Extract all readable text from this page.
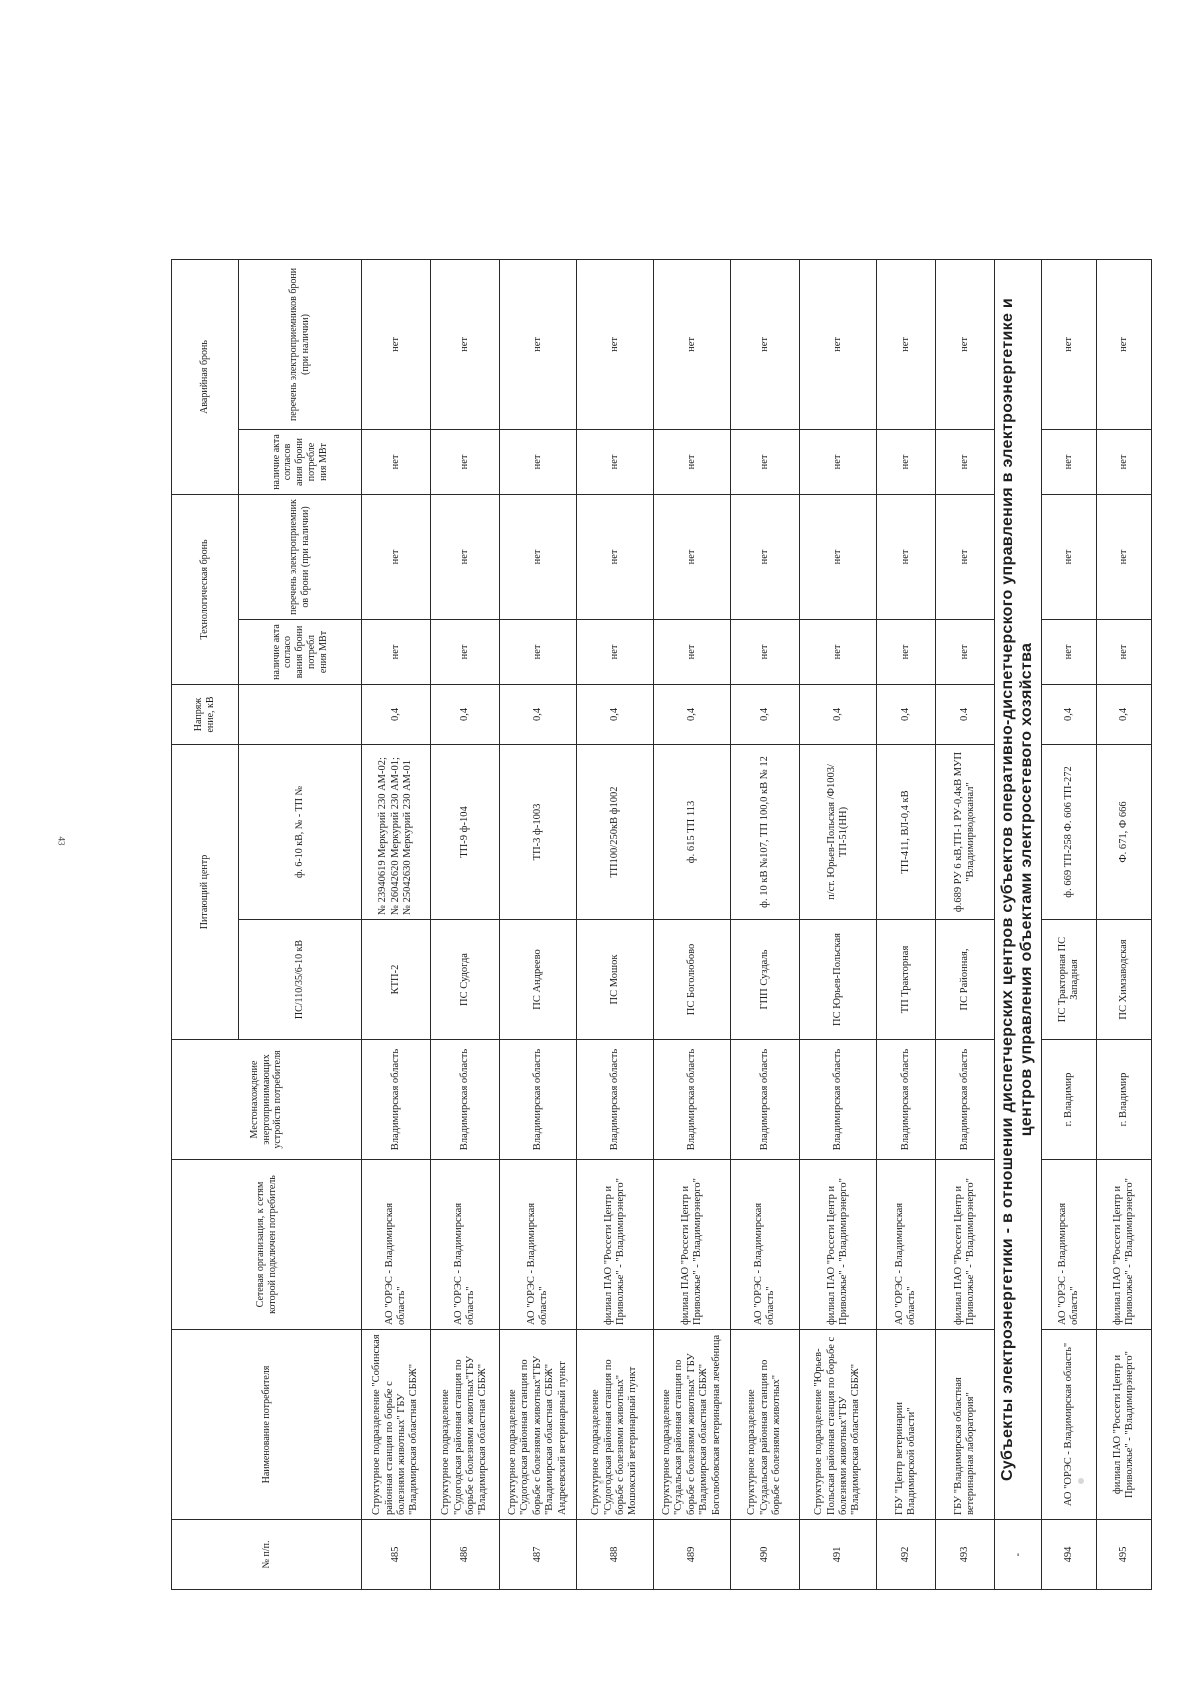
43
№ п/п.	Наименование потребителя	Сетевая организация, к сетям которой подключен потребитель	Местонахождение энергопринимающих устройств потребителя	Питающий центр		Напряж ение, кВ	Технологическая бронь		Аварийная бронь	
				ПС/110/35/6-10 кВ	ф. 6-10 кВ, № - ТП №		наличие акта согласо вания брони потребл ения МВт	перечень электроприемник ов брони (при наличии)	наличие акта согласов ания брони потребле ния МВт	перечень электроприемников брони (при наличии)
485	Структурное подразделение "Собинская районная станция по борьбе с болезнями животных" ГБУ "Владимирская областная СББЖ"	АО "ОРЭС - Владимирская область"	Владимирская область	КТП-2	№ 23940619 Меркурий 230 АМ-02; № 26042620 Меркурий 230 АМ-01; № 25042630 Меркурий 230 АМ-01	0,4	нет	нет	нет	нет
486	Структурное подразделение "Судогодская районная станция по борьбе с болезнями животных"ГБУ "Владимирская областная СББЖ"	АО "ОРЭС - Владимирская область"	Владимирская область	ПС Судогда	ТП-9 ф-104	0,4	нет	нет	нет	нет
487	Структурное подразделение "Судогодская районная станция по борьбе с болезнями животных"ГБУ "Владимирская областная СББЖ" Андреевский ветеринарный пункт	АО "ОРЭС - Владимирская область"	Владимирская область	ПС Андреево	ТП-3 ф-1003	0,4	нет	нет	нет	нет
488	Структурное подразделение "Судогодская районная станция по борьбе с болезнями животных" Мошокский ветеринарный пункт	филиал ПАО "Россети Центр и Приволжье" - "Владимирэнерго"	Владимирская область	ПС Мошок	ТП100/250кВ ф1002	0,4	нет	нет	нет	нет
489	Структурное подразделение "Суздальская районная станция по борьбе с болезнями животных" ГБУ "Владимирская областная СББЖ" Боголюбовская ветеринарная лечебница	филиал ПАО "Россети Центр и Приволжье" - "Владимирэнерго"	Владимирская область	ПС Боголюбово	ф. 615 ТП 113	0,4	нет	нет	нет	нет
490	Структурное подразделение "Суздальская районная станция по борьбе с болезнями животных"	АО "ОРЭС - Владимирская область"	Владимирская область	ГПП Суздаль	ф. 10 кВ №107, ТП 100,0 кВ № 12	0,4	нет	нет	нет	нет
491	Структурное подразделение "Юрьев-Польская районная станция по борьбе с болезнями животных"ГБУ "Владимирская областная СББЖ"	филиал ПАО "Россети Центр и Приволжье" - "Владимирэнерго"	Владимирская область	ПС Юрьев-Польская	п/ст. Юрьев-Польская /Ф1003/ТП-51(НН)	0,4	нет	нет	нет	нет
492	ГБУ "Центр ветеринарии Владимирской области"	АО "ОРЭС - Владимирская область"	Владимирская область	ТП Тракторная	ТП-411, ВЛ-0,4 кВ	0,4	нет	нет	нет	нет
493	ГБУ "Владимирская областная ветеринарная лаборатория"	филиал ПАО "Россети Центр и Приволжье" - "Владимирэнерго"	Владимирская область	ПС Районная,	ф.689 РУ 6 кВ,ТП-1 РУ-0,4кВ МУП "Владимирводоканал"	0.4	нет	нет	нет	нет
-	Субъекты электроэнергетики - в отношении диспетчерских центров субъектов оперативно-диспетчерского управления в электроэнергетике и центров управления объектами электросетевого хозяйства									
494	АО "ОРЭС - Владимирская область"	АО "ОРЭС - Владимирская область"	г. Владимир	ПС Тракторная ПС Западная	ф. 669 ТП-258 Ф. 606 ТП-272	0,4	нет	нет	нет	нет
495	филиал ПАО "Россети Центр и Приволжье" - "Владимирэнерго"	филиал ПАО "Россети Центр и Приволжье" - "Владимирэнерго"	г. Владимир	ПС Химзаводская	Ф. 671, Ф 666	0,4	нет	нет	нет	нет
